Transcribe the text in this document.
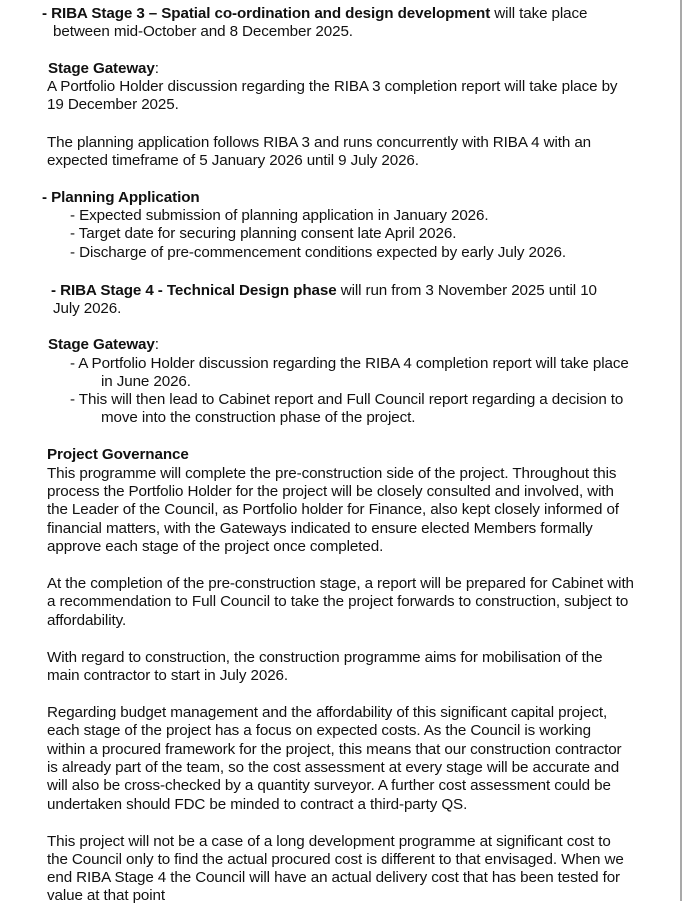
- RIBA Stage 3 – Spatial co-ordination and design development will take place
between mid-October and 8 December 2025.
Stage Gateway:
A Portfolio Holder discussion regarding the RIBA 3 completion report will take place by
19 December 2025.
The planning application follows RIBA 3 and runs concurrently with RIBA 4 with an
expected timeframe of 5 January 2026 until 9 July 2026.
- Planning Application
- Expected submission of planning application in January 2026.
- Target date for securing planning consent late April 2026.
- Discharge of pre-commencement conditions expected by early July 2026.
- RIBA Stage 4 - Technical Design phase will run from 3 November 2025 until 10
July 2026.
Stage Gateway:
- A Portfolio Holder discussion regarding the RIBA 4 completion report will take place
in June 2026.
- This will then lead to Cabinet report and Full Council report regarding a decision to
move into the construction phase of the project.
Project Governance
This programme will complete the pre-construction side of the project. Throughout this
process the Portfolio Holder for the project will be closely consulted and involved, with
the Leader of the Council, as Portfolio holder for Finance, also kept closely informed of
financial matters, with the Gateways indicated to ensure elected Members formally
approve each stage of the project once completed.
At the completion of the pre-construction stage, a report will be prepared for Cabinet with
a recommendation to Full Council to take the project forwards to construction, subject to
affordability.
With regard to construction, the construction programme aims for mobilisation of the
main contractor to start in July 2026.
Regarding budget management and the affordability of this significant capital project,
each stage of the project has a focus on expected costs. As the Council is working
within a procured framework for the project, this means that our construction contractor
is already part of the team, so the cost assessment at every stage will be accurate and
will also be cross-checked by a quantity surveyor. A further cost assessment could be
undertaken should FDC be minded to contract a third-party QS.
This project will not be a case of a long development programme at significant cost to
the Council only to find the actual procured cost is different to that envisaged. When we
end RIBA Stage 4 the Council will have an actual delivery cost that has been tested for
value at that point
